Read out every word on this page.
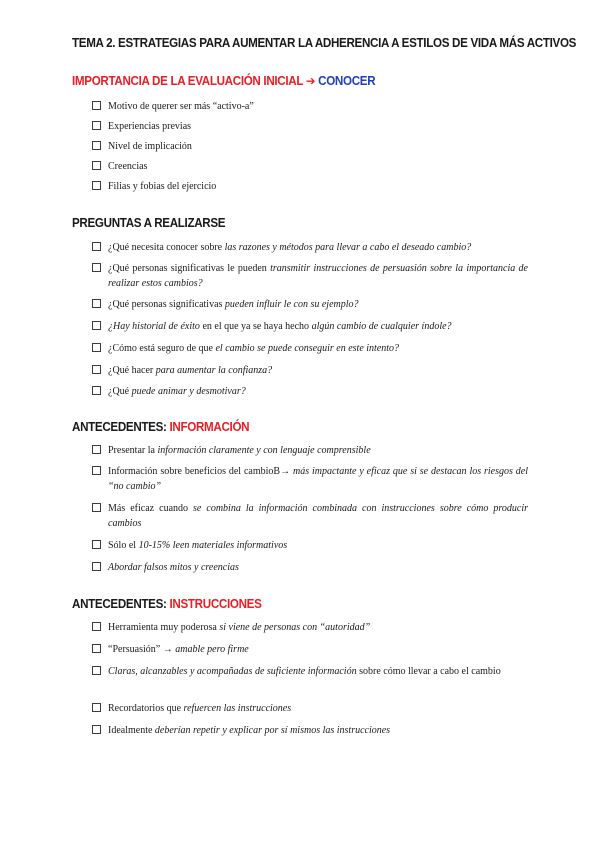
TEMA 2. ESTRATEGIAS PARA AUMENTAR LA ADHERENCIA A ESTILOS DE VIDA MÁS ACTIVOS
IMPORTANCIA DE LA EVALUACIÓN INICIAL ➔ CONOCER
Motivo de querer ser más “activo-a”
Experiencias previas
Nivel de implicación
Creencias
Filias y fobias del ejercicio
PREGUNTAS A REALIZARSE
¿Qué necesita conocer sobre las razones y métodos para llevar a cabo el deseado cambio?
¿Qué personas significativas le pueden transmitir instrucciones de persuasión sobre la importancia de realizar estos cambios?
¿Qué personas significativas pueden influir le con su ejemplo?
¿Hay historial de éxito en el que ya se haya hecho algún cambio de cualquier índole?
¿Cómo está seguro de que el cambio se puede conseguir en este intento?
¿Qué hacer para aumentar la confianza?
¿Qué puede animar y desmotivar?
ANTECEDENTES: INFORMACIÓN
Presentar la información claramente y con lenguaje comprensible
Información sobre beneficios del cambioB→ más impactante y eficaz que si se destacan los riesgos del “no cambio”
Más eficaz cuando se combina la información combinada con instrucciones sobre cómo producir cambios
Sólo el 10-15% leen materiales informativos
Abordar falsos mitos y creencias
ANTECEDENTES: INSTRUCCIONES
Herramienta muy poderosa si viene de personas con “autoridad”
“Persuasión” → amable pero firme
Claras, alcanzables y acompañadas de suficiente información sobre cómo llevar a cabo el cambio
Recordatorios que refuercen las instrucciones
Idealmente deberían repetir y explicar por sí mismos las instrucciones
